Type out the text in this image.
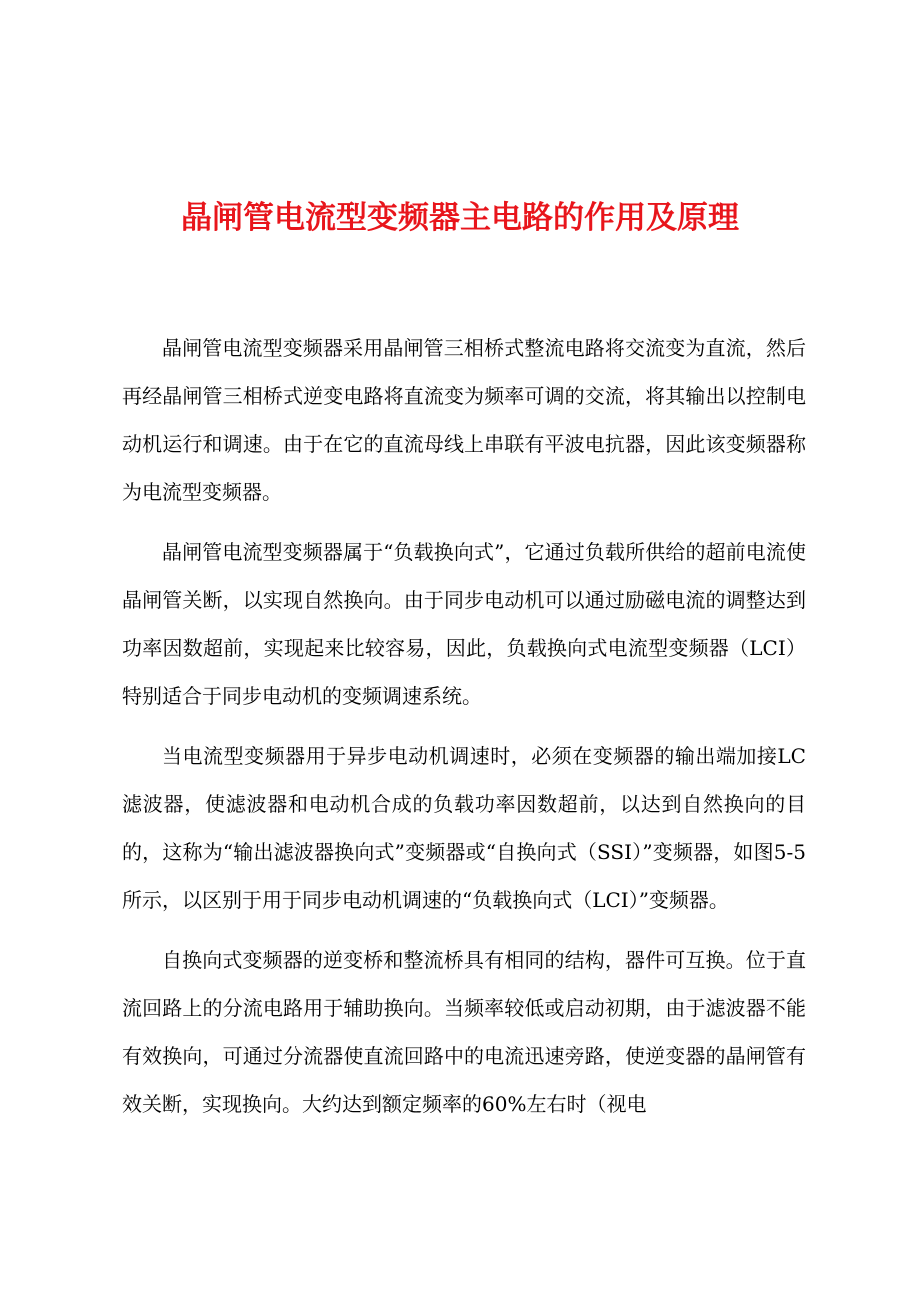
晶闸管电流型变频器主电路的作用及原理

晶闸管电流型变频器采用晶闸管三相桥式整流电路将交流变为直流，然后再经晶闸管三相桥式逆变电路将直流变为频率可调的交流，将其输出以控制电动机运行和调速。由于在它的直流母线上串联有平波电抗器，因此该变频器称为电流型变频器。

晶闸管电流型变频器属于“负载换向式”，它通过负载所供给的超前电流使晶闸管关断，以实现自然换向。由于同步电动机可以通过励磁电流的调整达到功率因数超前，实现起来比较容易，因此，负载换向式电流型变频器（LCI）特别适合于同步电动机的变频调速系统。

当电流型变频器用于异步电动机调速时，必须在变频器的输出端加接LC滤波器，使滤波器和电动机合成的负载功率因数超前，以达到自然换向的目的，这称为“输出滤波器换向式”变频器或“自换向式（SSI）”变频器，如图5-5所示，以区别于用于同步电动机调速的“负载换向式（LCI）”变频器。

自换向式变频器的逆变桥和整流桥具有相同的结构，器件可互换。位于直流回路上的分流电路用于辅助换向。当频率较低或启动初期，由于滤波器不能有效换向，可通过分流器使直流回路中的电流迅速旁路，使逆变器的晶闸管有效关断，实现换向。大约达到额定频率的60%左右时（视电
